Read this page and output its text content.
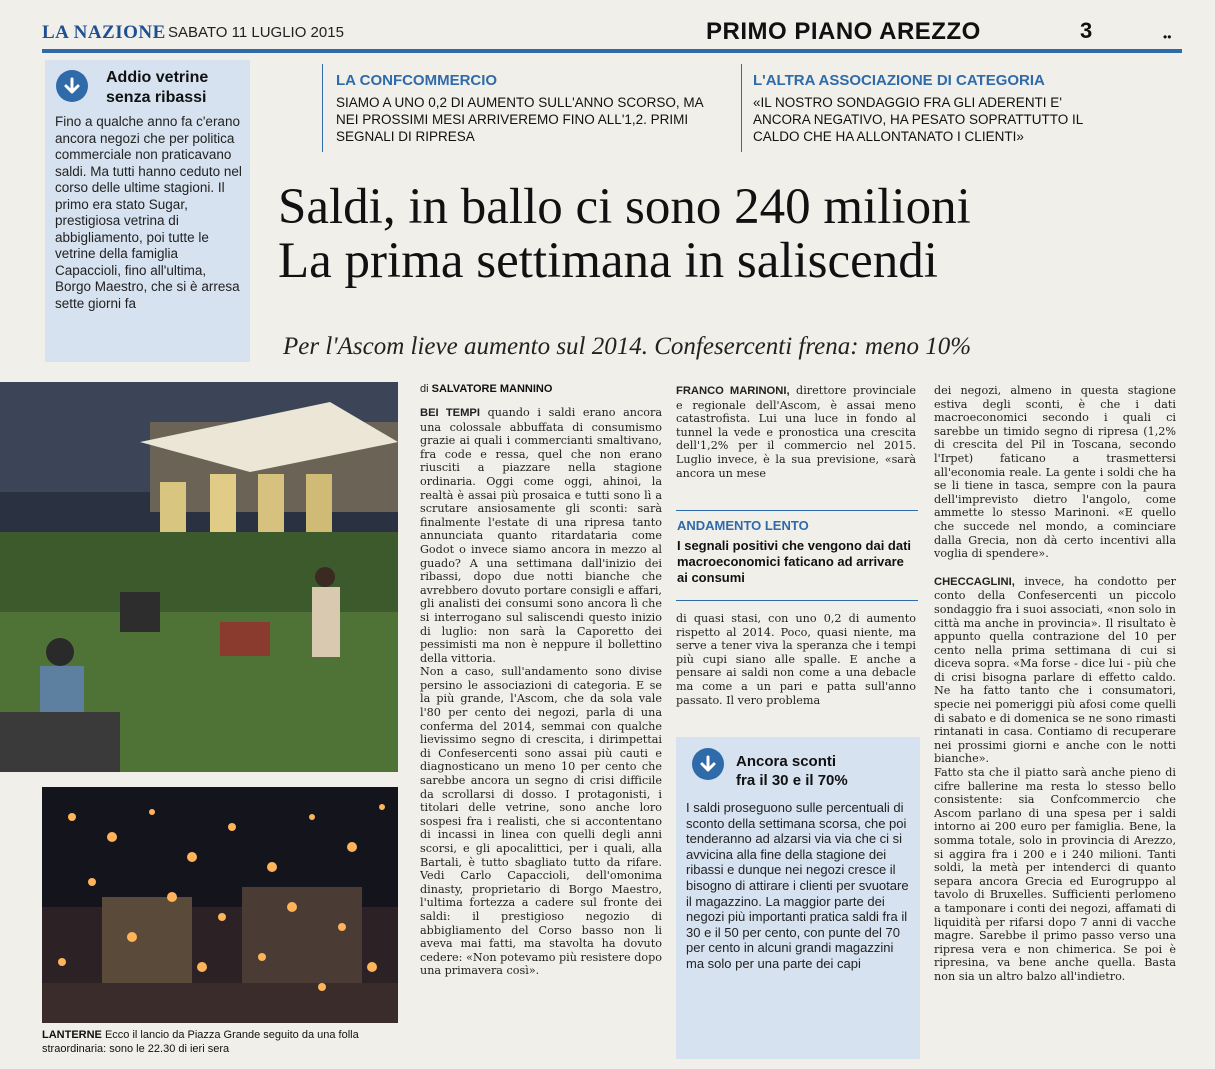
LA NAZIONE SABATO 11 LUGLIO 2015	PRIMO PIANO AREZZO	3	••
Addio vetrine
senza ribassi
Fino a qualche anno fa c'erano ancora negozi che per politica commerciale non praticavano saldi. Ma tutti hanno ceduto nel corso delle ultime stagioni. Il primo era stato Sugar, prestigiosa vetrina di abbigliamento, poi tutte le vetrine della famiglia Capaccioli, fino all'ultima, Borgo Maestro, che si è arresa sette giorni fa
LA CONFCOMMERCIO
SIAMO A UNO 0,2 DI AUMENTO SULL'ANNO SCORSO, MA NEI PROSSIMI MESI ARRIVEREMO FINO ALL'1,2. PRIMI SEGNALI DI RIPRESA
L'ALTRA ASSOCIAZIONE DI CATEGORIA
«IL NOSTRO SONDAGGIO FRA GLI ADERENTI E' ANCORA NEGATIVO, HA PESATO SOPRATTUTTO IL CALDO CHE HA ALLONTANATO I CLIENTI»
Saldi, in ballo ci sono 240 milioni
La prima settimana in saliscendi
Per l'Ascom lieve aumento sul 2014. Confesercenti frena: meno 10%
LANTERNE Ecco il lancio da Piazza Grande seguito da una folla straordinaria: sono le 22.30 di ieri sera
di SALVATORE MANNINO
BEI TEMPI quando i saldi erano ancora una colossale abbuffata di consumismo grazie ai quali i commercianti smaltivano, fra code e ressa, quel che non erano riusciti a piazzare nella stagione ordinaria. Oggi come oggi, ahinoi, la realtà è assai più prosaica e tutti sono lì a scrutare ansiosamente gli sconti: sarà finalmente l'estate di una ripresa tanto annunciata quanto ritardataria come Godot o invece siamo ancora in mezzo al guado? A una settimana dall'inizio dei ribassi, dopo due notti bianche che avrebbero dovuto portare consigli e affari, gli analisti dei consumi sono ancora lì che si interrogano sul saliscendi questo inizio di luglio: non sarà la Caporetto dei pessimisti ma non è neppure il bollettino della vittoria.
Non a caso, sull'andamento sono divise persino le associazioni di categoria. E se la più grande, l'Ascom, che da sola vale l'80 per cento dei negozi, parla di una conferma del 2014, semmai con qualche lievissimo segno di crescita, i dirimpettai di Confesercenti sono assai più cauti e diagnosticano un meno 10 per cento che sarebbe ancora un segno di crisi difficile da scrollarsi di dosso. I protagonisti, i titolari delle vetrine, sono anche loro sospesi fra i realisti, che si accontentano di incassi in linea con quelli degli anni scorsi, e gli apocalittici, per i quali, alla Bartali, è tutto sbagliato tutto da rifare. Vedi Carlo Capaccioli, dell'omonima dinasty, proprietario di Borgo Maestro, l'ultima fortezza a cadere sul fronte dei saldi: il prestigioso negozio di abbigliamento del Corso basso non li aveva mai fatti, ma stavolta ha dovuto cedere: «Non potevamo più resistere dopo una primavera così».
FRANCO MARINONI, direttore provinciale e regionale dell'Ascom, è assai meno catastrofista. Lui una luce in fondo al tunnel la vede e pronostica una crescita dell'1,2% per il commercio nel 2015. Luglio invece, è la sua previsione, «sarà ancora un mese
ANDAMENTO LENTO
I segnali positivi che vengono dai dati macroeconomici faticano ad arrivare ai consumi
di quasi stasi, con uno 0,2 di aumento rispetto al 2014. Poco, quasi niente, ma serve a tener viva la speranza che i tempi più cupi siano alle spalle. E anche a pensare ai saldi non come a una debacle ma come a un pari e patta sull'anno passato. Il vero problema
Ancora sconti
fra il 30 e il 70%
I saldi proseguono sulle percentuali di sconto della settimana scorsa, che poi tenderanno ad alzarsi via via che ci si avvicina alla fine della stagione dei ribassi e dunque nei negozi cresce il bisogno di attirare i clienti per svuotare il magazzino. La maggior parte dei negozi più importanti pratica saldi fra il 30 e il 50 per cento, con punte del 70 per cento in alcuni grandi magazzini ma solo per una parte dei capi
dei negozi, almeno in questa stagione estiva degli sconti, è che i dati macroeconomici secondo i quali ci sarebbe un timido segno di ripresa (1,2% di crescita del Pil in Toscana, secondo l'Irpet) faticano a trasmettersi all'economia reale. La gente i soldi che ha se li tiene in tasca, sempre con la paura dell'imprevisto dietro l'angolo, come ammette lo stesso Marinoni. «E quello che succede nel mondo, a cominciare dalla Grecia, non dà certo incentivi alla voglia di spendere».
CHECCAGLINI, invece, ha condotto per conto della Confesercenti un piccolo sondaggio fra i suoi associati, «non solo in città ma anche in provincia». Il risultato è appunto quella contrazione del 10 per cento nella prima settimana di cui si diceva sopra. «Ma forse - dice lui - più che di crisi bisogna parlare di effetto caldo. Ne ha fatto tanto che i consumatori, specie nei pomeriggi più afosi come quelli di sabato e di domenica se ne sono rimasti rintanati in casa. Contiamo di recuperare nei prossimi giorni e anche con le notti bianche».
Fatto sta che il piatto sarà anche pieno di cifre ballerine ma resta lo stesso bello consistente: sia Confcommercio che Ascom parlano di una spesa per i saldi intorno ai 200 euro per famiglia. Bene, la somma totale, solo in provincia di Arezzo, si aggira fra i 200 e i 240 milioni. Tanti soldi, la metà per intenderci di quanto separa ancora Grecia ed Eurogruppo al tavolo di Bruxelles. Sufficienti perlomeno a tamponare i conti dei negozi, affamati di liquidità per rifarsi dopo 7 anni di vacche magre. Sarebbe il primo passo verso una ripresa vera e non chimerica. Se poi è ripresina, va bene anche quella. Basta non sia un altro balzo all'indietro.
